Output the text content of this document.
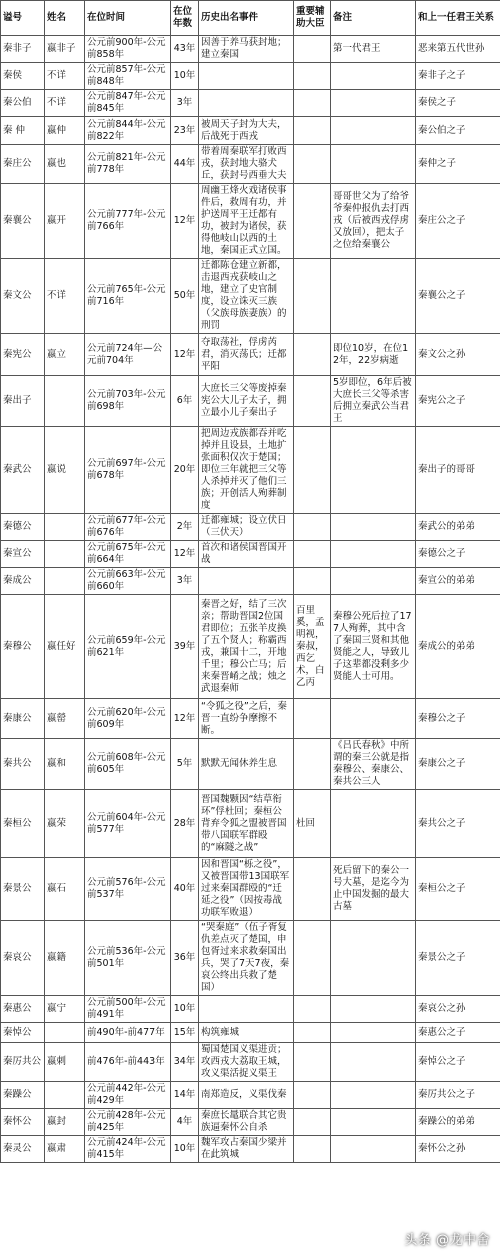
谥号	姓名	在位时间	在位年数	历史出名事件	重要辅助大臣	备注	和上一任君王关系
秦非子	嬴非子	公元前900年-公元前858年	43年	因善于养马获封地；建立秦国		第一代君王	恶来第五代世孙
秦侯	不详	公元前857年-公元前848年	10年				秦非子之子
秦公伯	不详	公元前847年-公元前845年	3年				秦侯之子
秦 仲	嬴仲	公元前844年-公元前822年	23年	被周天子封为大夫，后战死于西戎			秦公伯之子
秦庄公	嬴也	公元前821年-公元前778年	44年	带着周秦联军打败西戎，获封地大骆犬丘，获封号西垂大夫			秦仲之子
秦襄公	嬴开	公元前777年-公元前766年	12年	周幽王烽火戏诸侯事件后，救周有功，并护送周平王迁都有功，被封为诸侯，获得他岐山以西的土地，秦国正式立国。		哥哥世父为了给爷爷秦仲报仇去打西戎（后被西戎俘虏又放回），把太子之位给秦襄公	秦庄公之子
秦文公	不详	公元前765年-公元前716年	50年	迁都陈仓建立新都，击退西戎获岐山之地，建立了史官制度，设立诛灭三族（父族母族妻族）的刑罚			秦襄公之子
秦宪公	嬴立	公元前724年—公元前704年	12年	夺取荡社，俘虏芮君，消灭荡氏；迁都平阳		即位10岁，在位12年，22岁病逝	秦文公之孙
秦出子		公元前703年-公元前698年	6年	大庶长三父等废掉秦宪公大儿子太子，拥立最小儿子秦出子		5岁即位，6年后被大庶长三父等杀害后拥立秦武公当君王	秦宪公之子
秦武公	嬴说	公元前697年-公元前678年	20年	把周边戎族都吞并吃掉并且设县，土地扩张面积仅次于楚国；即位三年就把三父等人杀掉并灭了他们三族；开创活人殉葬制度			秦出子的哥哥
秦德公		公元前677年-公元前676年	2年	迁都雍城；设立伏日（三伏天）			秦武公的弟弟
秦宣公		公元前675年-公元前664年	12年	首次和诸侯国晋国开战			秦德公之子
秦成公		公元前663年-公元前660年	3年				秦宣公的弟弟
秦穆公	嬴任好	公元前659年-公元前621年	39年	秦晋之好，结了三次亲；帮助晋国2位国君即位；五张羊皮换了五个贤人；称霸西戎，兼国十二，开地千里；穆公亡马；后来秦晋崤之战；烛之武退秦师	百里奚，孟明视，秦叔，西乞术，白乙丙	秦穆公死后拉了177人殉葬，其中含了秦国三贤和其他贤能之人，导致儿子这辈都没剩多少贤能人士可用。	秦成公的弟弟
秦康公	嬴罃	公元前620年-公元前609年	12年	“令狐之役”之后，秦晋一直纷争摩擦不断。			秦穆公之子
秦共公	嬴和	公元前608年-公元前605年	5年	默默无闻休养生息		《吕氏春秋》中所谓的秦三公就是指秦穆公、秦康公、秦共公三人	秦康公之子
秦桓公	嬴荣	公元前604年-公元前577年	28年	晋国魏颗因“结草衔环”俘杜回；秦桓公背弃令狐之盟被晋国带八国联军群殴的“麻隧之战”	杜回		秦共公之子
秦景公	嬴石	公元前576年-公元前537年	40年	因和晋国“栎之役”，又被晋国带13国联军过来秦国群殴的“迁延之役”（因按毒战功联军败退）		死后留下的秦公一号大墓，是迄今为止中国发掘的最大古墓	秦桓公之子
秦哀公	嬴籍	公元前536年-公元前501年	36年	“哭秦庭”（伍子胥复仇差点灭了楚国，申包胥过来求救秦国出兵，哭了7天7夜，秦哀公终出兵救了楚国）			秦景公之子
秦惠公	嬴宁	公元前500年-公元前491年	10年				秦哀公之孙
秦悼公		前490年-前477年	15年	构筑雍城			秦惠公之子
秦厉共公	嬴刺	前476年-前443年	34年	蜀国楚国义渠进贡；攻西戎大荔取王城，攻义渠活捉义渠王			秦悼公之子
秦躁公		公元前442年-公元前429年	14年	南郑造反，义渠伐秦			秦厉共公之子
秦怀公	嬴封	公元前428年-公元前425年	4年	秦庶长鼌联合其它贵族逼秦怀公自杀			秦躁公的弟弟
秦灵公	嬴肃	公元前424年-公元前415年	10年	魏军攻占秦国少梁并在此筑城			秦怀公之孙
头条 @龙中舍
